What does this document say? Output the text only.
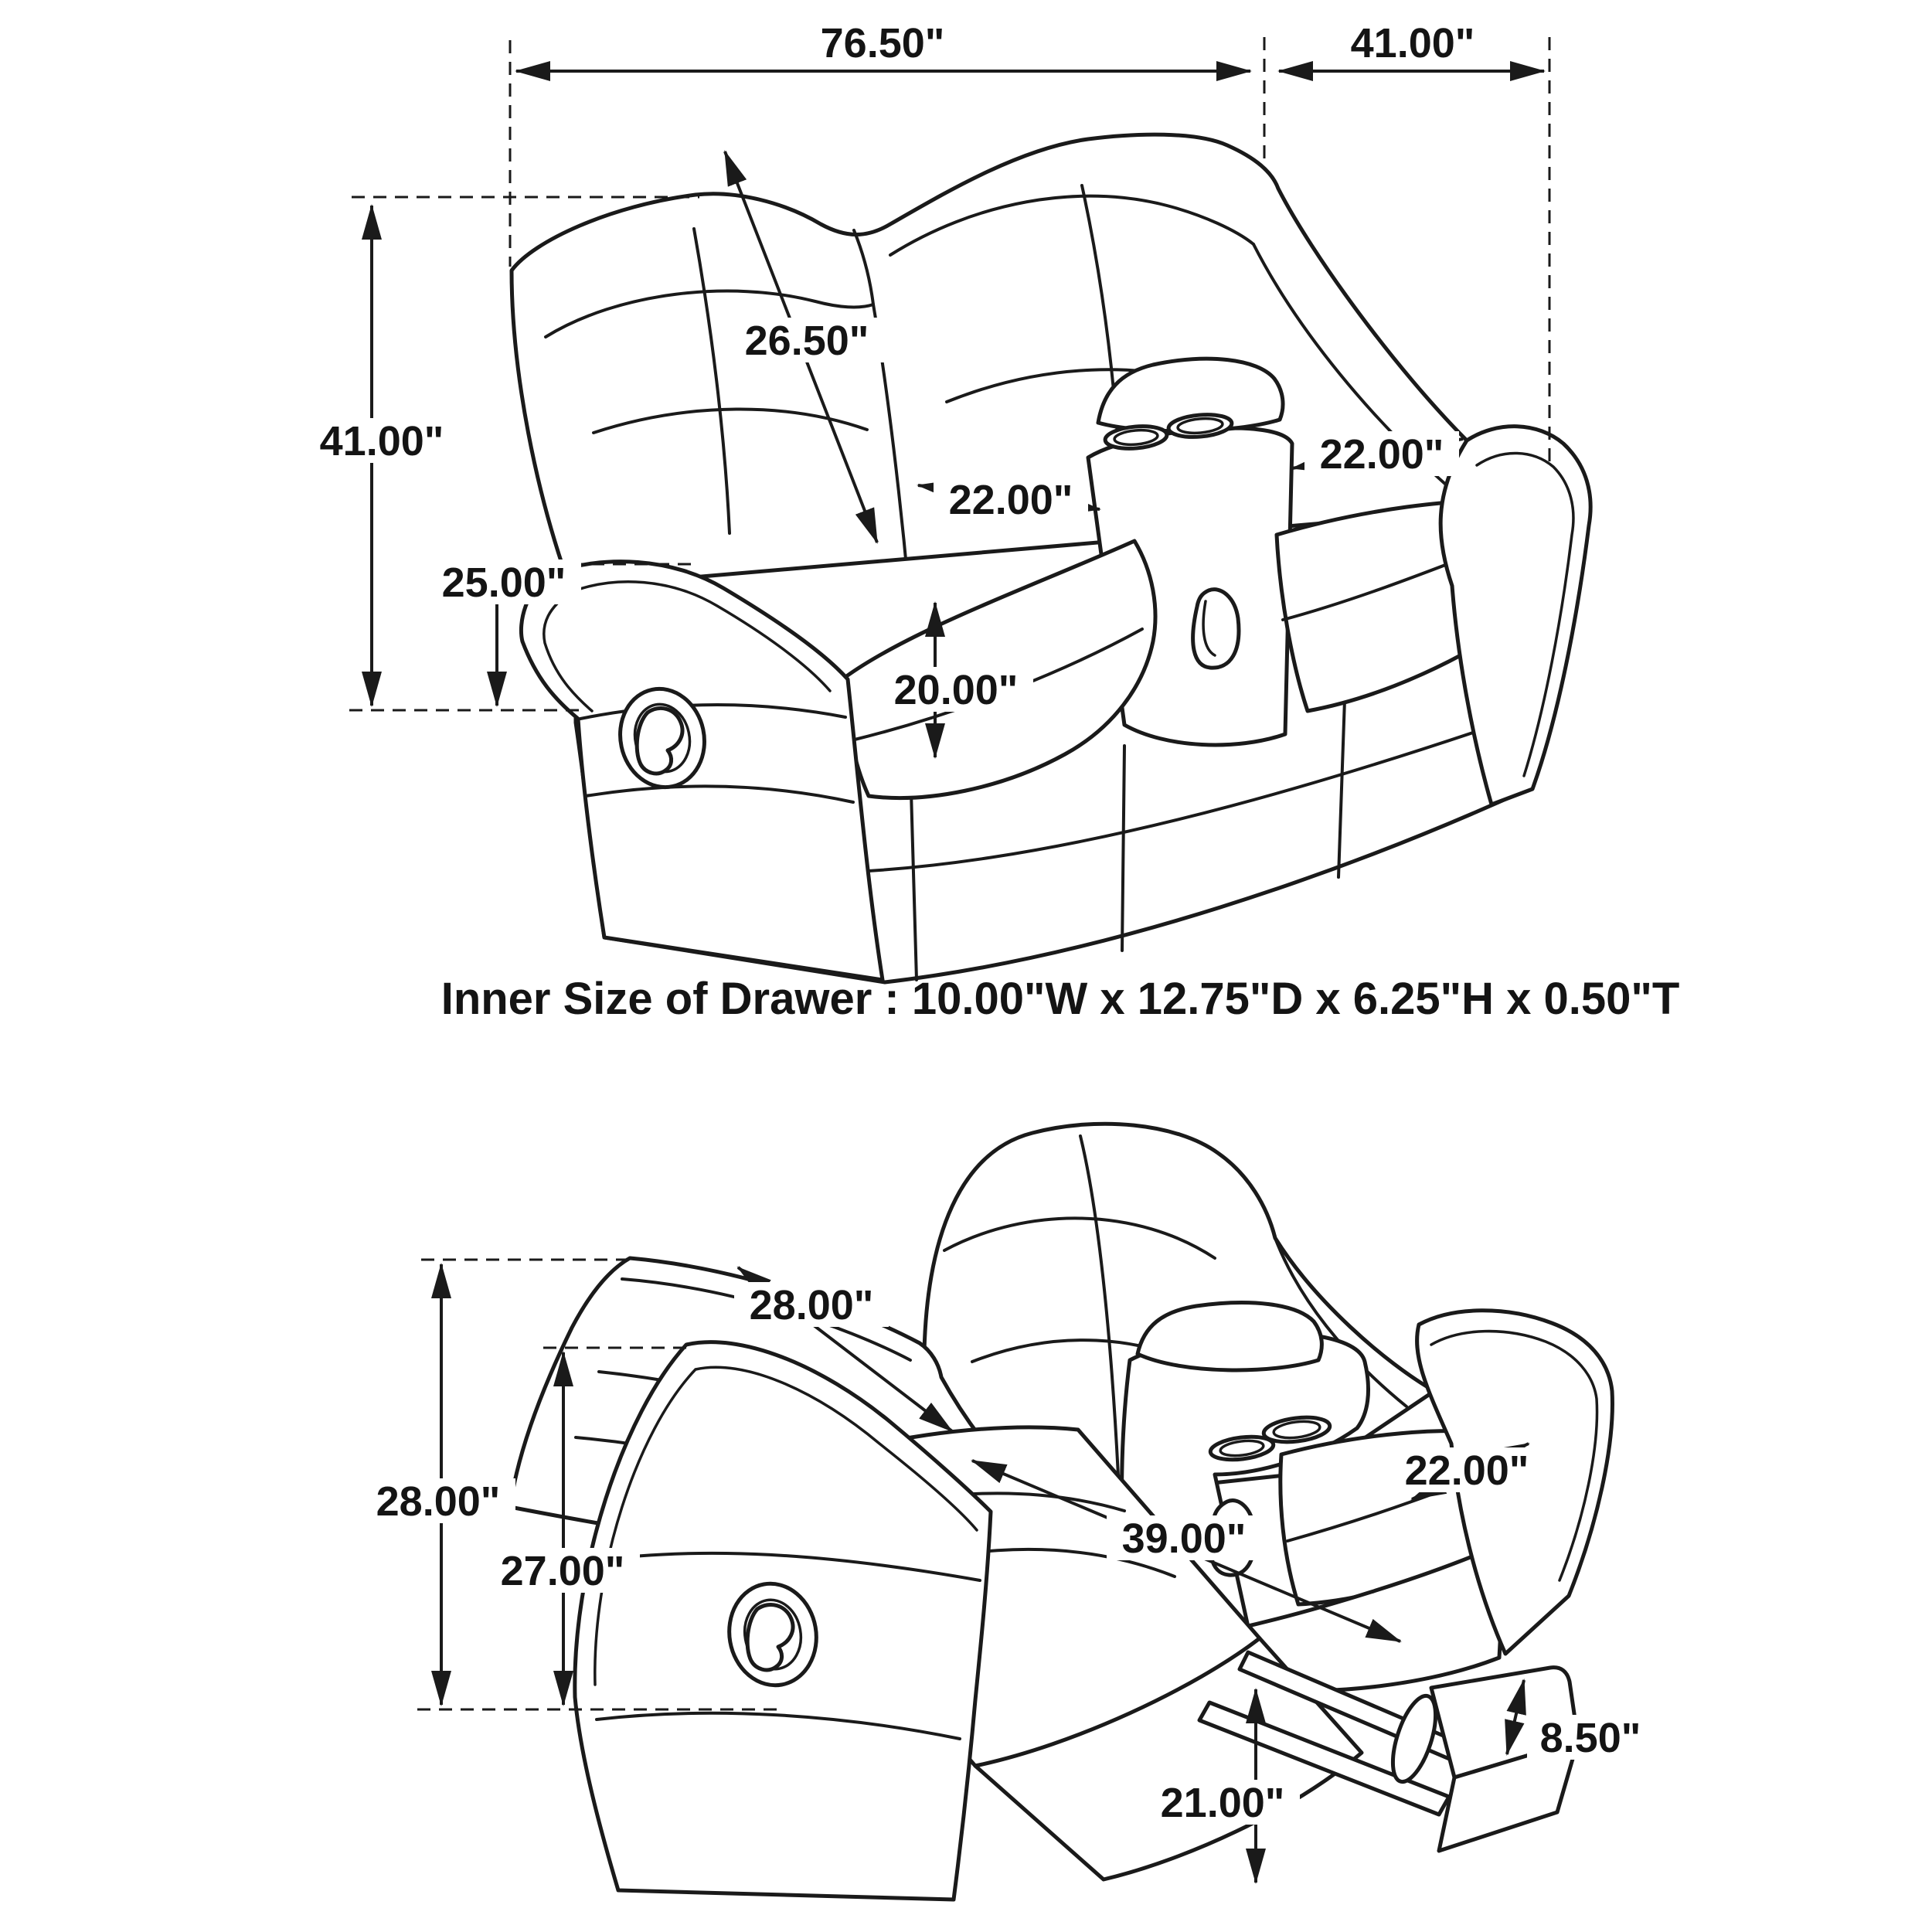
76.50"	41.00"
41.00"
26.50"
22.00"
22.00"
25.00"
20.00"
Inner Size of Drawer : 10.00"W x 12.75"D x 6.25"H x 0.50"T
28.00"
28.00"
27.00"
22.00"
39.00"
8.50"
21.00"
